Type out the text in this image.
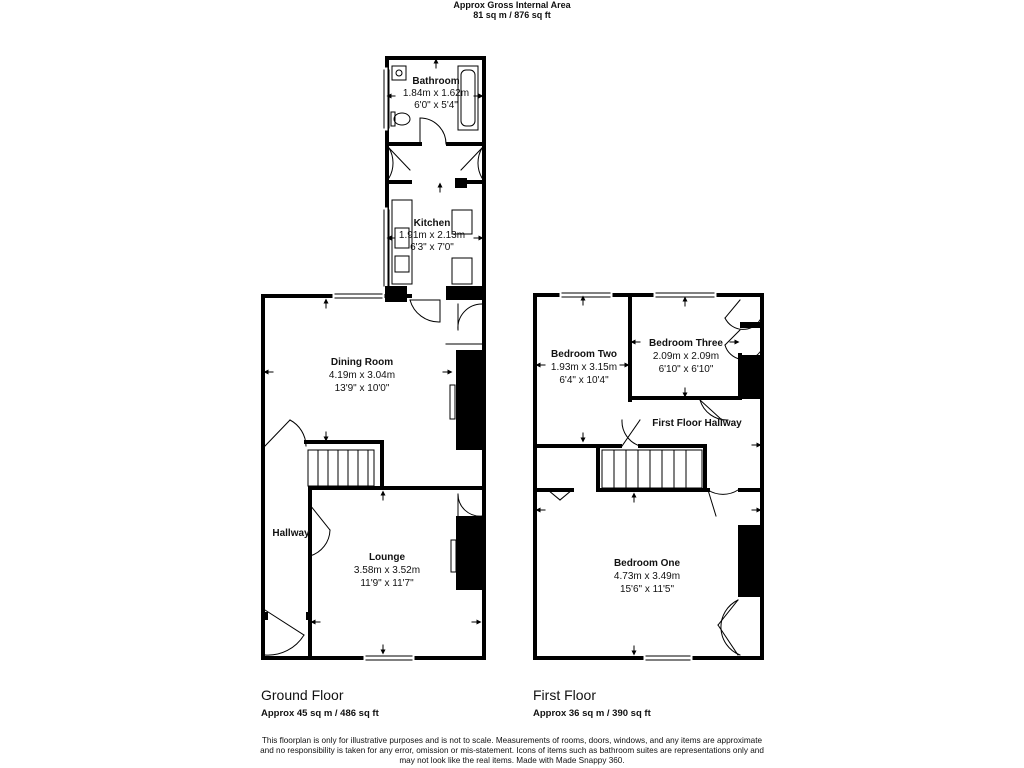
Approx Gross Internal Area
81 sq m / 876 sq ft
Bathroom
1.84m x 1.62m
6'0" x 5'4"
Kitchen
1.91m x 2.13m
6'3" x 7'0"
Dining Room
4.19m x 3.04m
13'9" x 10'0"
Hallway
Lounge
3.58m x 3.52m
11'9" x 11'7"
Bedroom Two
1.93m x 3.15m
6'4" x 10'4"
Bedroom Three
2.09m x 2.09m
6'10" x 6'10"
First Floor Hallway
Bedroom One
4.73m x 3.49m
15'6" x 11'5"
Ground Floor
Approx 45 sq m / 486 sq ft
First Floor
Approx 36 sq m / 390 sq ft
This floorplan is only for illustrative purposes and is not to scale. Measurements of rooms, doors, windows, and any items are approximate
and no responsibility is taken for any error, omission or mis-statement. Icons of items such as bathroom suites are representations only and
may not look like the real items. Made with Made Snappy 360.
